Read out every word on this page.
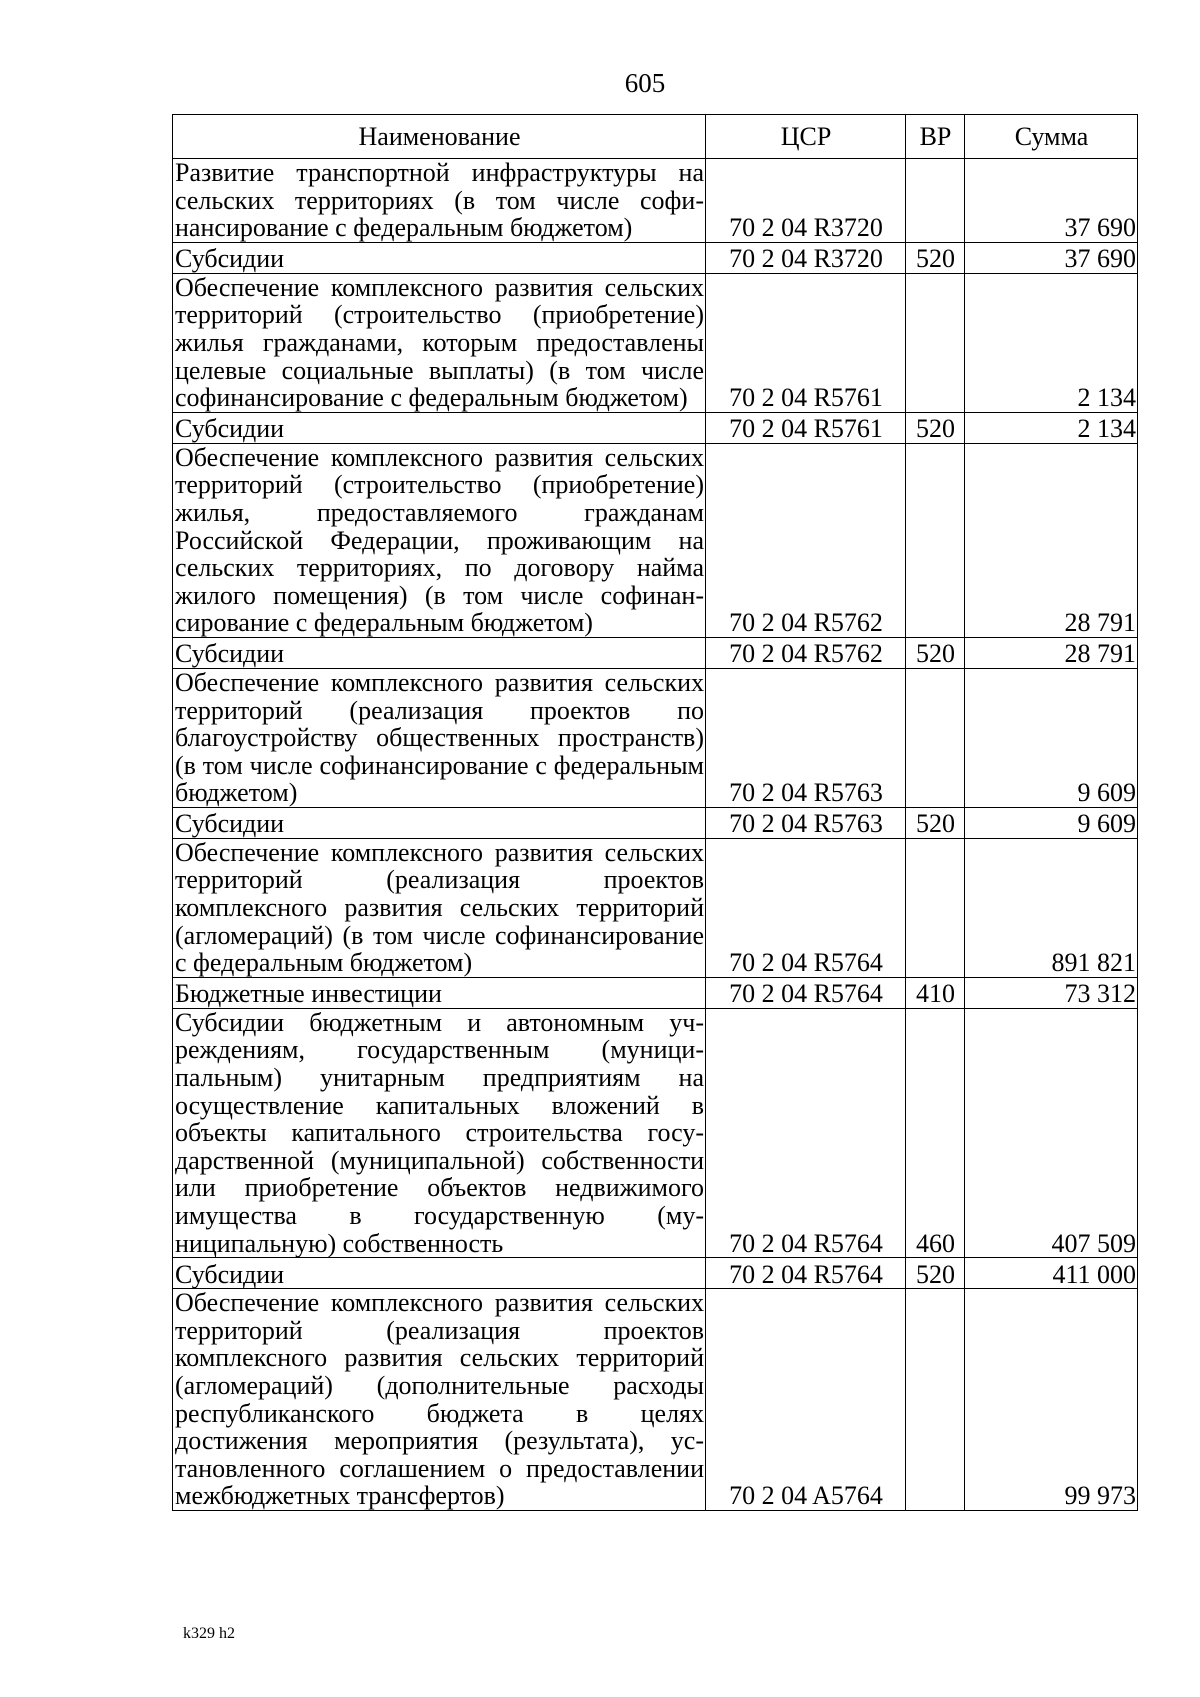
605
Наименование	ЦСР	ВР	Сумма
Развитие транспортной инфраструктуры на сельских территориях (в том числе софинансирование с федеральным бюджетом)	70 2 04 R3720		37 690
Субсидии	70 2 04 R3720	520	37 690
Обеспечение комплексного развития сельских территорий (строительство (приобретение) жилья гражданами, которым предоставлены целевые социальные выплаты) (в том числе софинансирование с федеральным бюджетом)	70 2 04 R5761		2 134
Субсидии	70 2 04 R5761	520	2 134
Обеспечение комплексного развития сельских территорий (строительство (приобретение) жилья, предоставляемого гражданам Российской Федерации, проживающим на сельских территориях, по договору найма жилого помещения) (в том числе софинансирование с федеральным бюджетом)	70 2 04 R5762		28 791
Субсидии	70 2 04 R5762	520	28 791
Обеспечение комплексного развития сельских территорий (реализация проектов по благоустройству общественных пространств) (в том числе софинансирование с федеральным бюджетом)	70 2 04 R5763		9 609
Субсидии	70 2 04 R5763	520	9 609
Обеспечение комплексного развития сельских территорий (реализация проектов комплексного развития сельских территорий (агломераций) (в том числе софинансирование с федеральным бюджетом)	70 2 04 R5764		891 821
Бюджетные инвестиции	70 2 04 R5764	410	73 312
Субсидии бюджетным и автономным учреждениям, государственным (муниципальным) унитарным предприятиям на осуществление капитальных вложений в объекты капитального строительства государственной (муниципальной) собственности или приобретение объектов недвижимого имущества в государственную (муниципальную) собственность	70 2 04 R5764	460	407 509
Субсидии	70 2 04 R5764	520	411 000
Обеспечение комплексного развития сельских территорий (реализация проектов комплексного развития сельских территорий (агломераций) (дополнительные расходы республиканского бюджета в целях достижения мероприятия (результата), установленного соглашением о предоставлении межбюджетных трансфертов)	70 2 04 A5764		99 973
k329 h2
